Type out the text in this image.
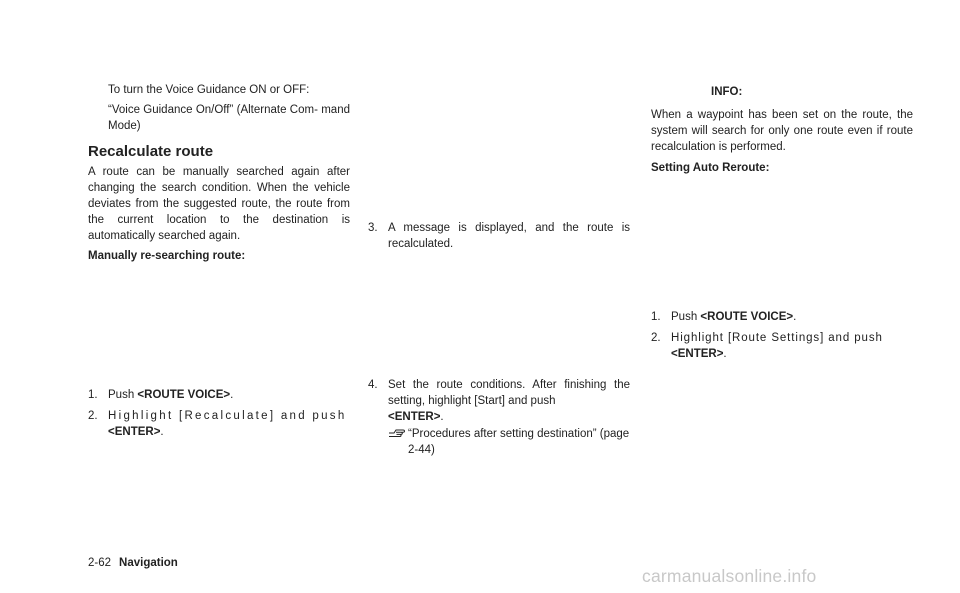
To turn the Voice Guidance ON or OFF:

“Voice Guidance On/Off” (Alternate Com- mand Mode)

Recalculate route

A route can be manually searched again after changing the search condition. When the vehicle deviates from the suggested route, the route from the current location to the destination is automatically searched again.

Manually re-searching route:

1. Push <ROUTE VOICE>.
2. Highlight [Recalculate] and push
<ENTER>.
3. A message is displayed, and the route is recalculated.
4. Set the route conditions. After finishing the setting, highlight [Start] and push
<ENTER>.
“Procedures after setting destination” (page 2-44)

INFO:

When a waypoint has been set on the route, the system will search for only one route even if route recalculation is performed.

Setting Auto Reroute:

1. Push <ROUTE VOICE>.
2. Highlight [Route Settings] and push
<ENTER>.
2-62 Navigation
carmanualsonline.info
